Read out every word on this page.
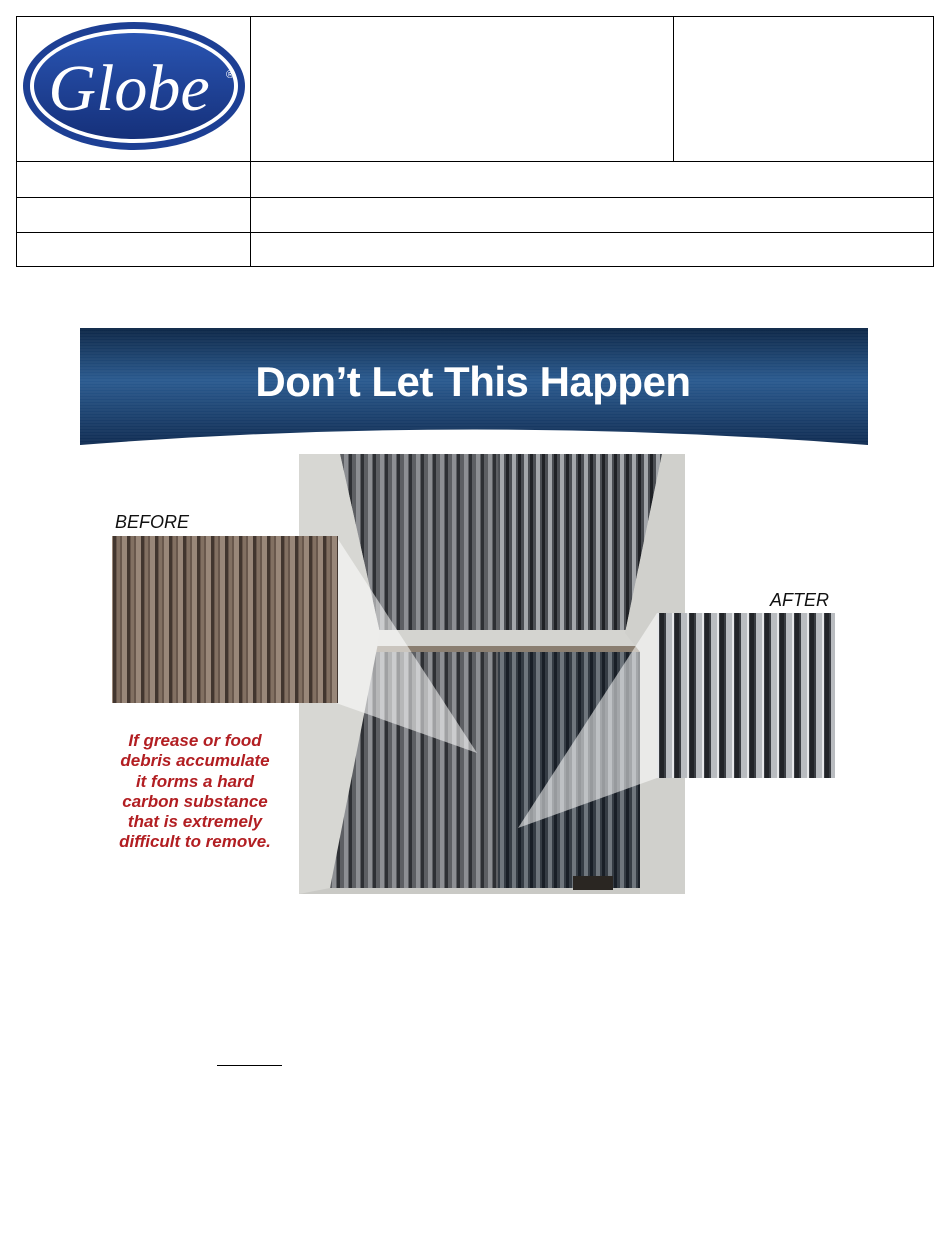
Globe ®
Don’t Let This Happen
BEFORE
AFTER
If grease or food
debris accumulate
it forms a hard
carbon substance
that is extremely
difficult to remove.
